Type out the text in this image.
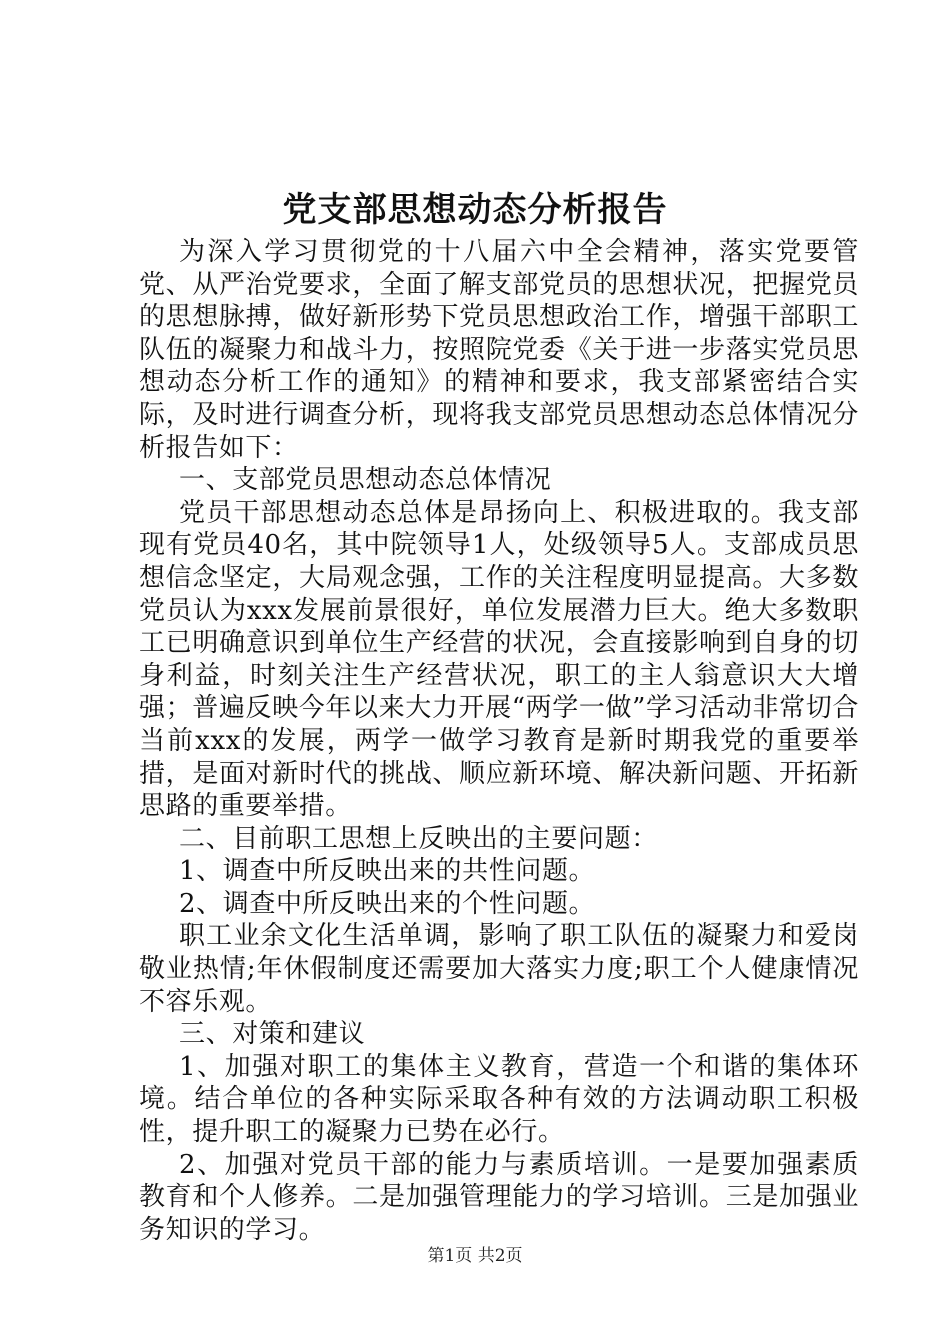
党支部思想动态分析报告

为深入学习贯彻党的十八届六中全会精神，落实党要管党、从严治党要求，全面了解支部党员的思想状况，把握党员的思想脉搏，做好新形势下党员思想政治工作，增强干部职工队伍的凝聚力和战斗力，按照院党委《关于进一步落实党员思想动态分析工作的通知》的精神和要求，我支部紧密结合实际，及时进行调查分析，现将我支部党员思想动态总体情况分析报告如下：

一、支部党员思想动态总体情况

党员干部思想动态总体是昂扬向上、积极进取的。我支部现有党员40名，其中院领导1人，处级领导5人。支部成员思想信念坚定，大局观念强，工作的关注程度明显提高。大多数党员认为xxx发展前景很好，单位发展潜力巨大。绝大多数职工已明确意识到单位生产经营的状况，会直接影响到自身的切身利益，时刻关注生产经营状况，职工的主人翁意识大大增强；普遍反映今年以来大力开展“两学一做”学习活动非常切合当前xxx的发展，两学一做学习教育是新时期我党的重要举措，是面对新时代的挑战、顺应新环境、解决新问题、开拓新思路的重要举措。

二、目前职工思想上反映出的主要问题：

1、调查中所反映出来的共性问题。

2、调查中所反映出来的个性问题。

职工业余文化生活单调，影响了职工队伍的凝聚力和爱岗敬业热情;年休假制度还需要加大落实力度;职工个人健康情况不容乐观。

三、对策和建议

1、加强对职工的集体主义教育，营造一个和谐的集体环境。结合单位的各种实际采取各种有效的方法调动职工积极性，提升职工的凝聚力已势在必行。

2、加强对党员干部的能力与素质培训。一是要加强素质教育和个人修养。二是加强管理能力的学习培训。三是加强业务知识的学习。

第1页 共2页
